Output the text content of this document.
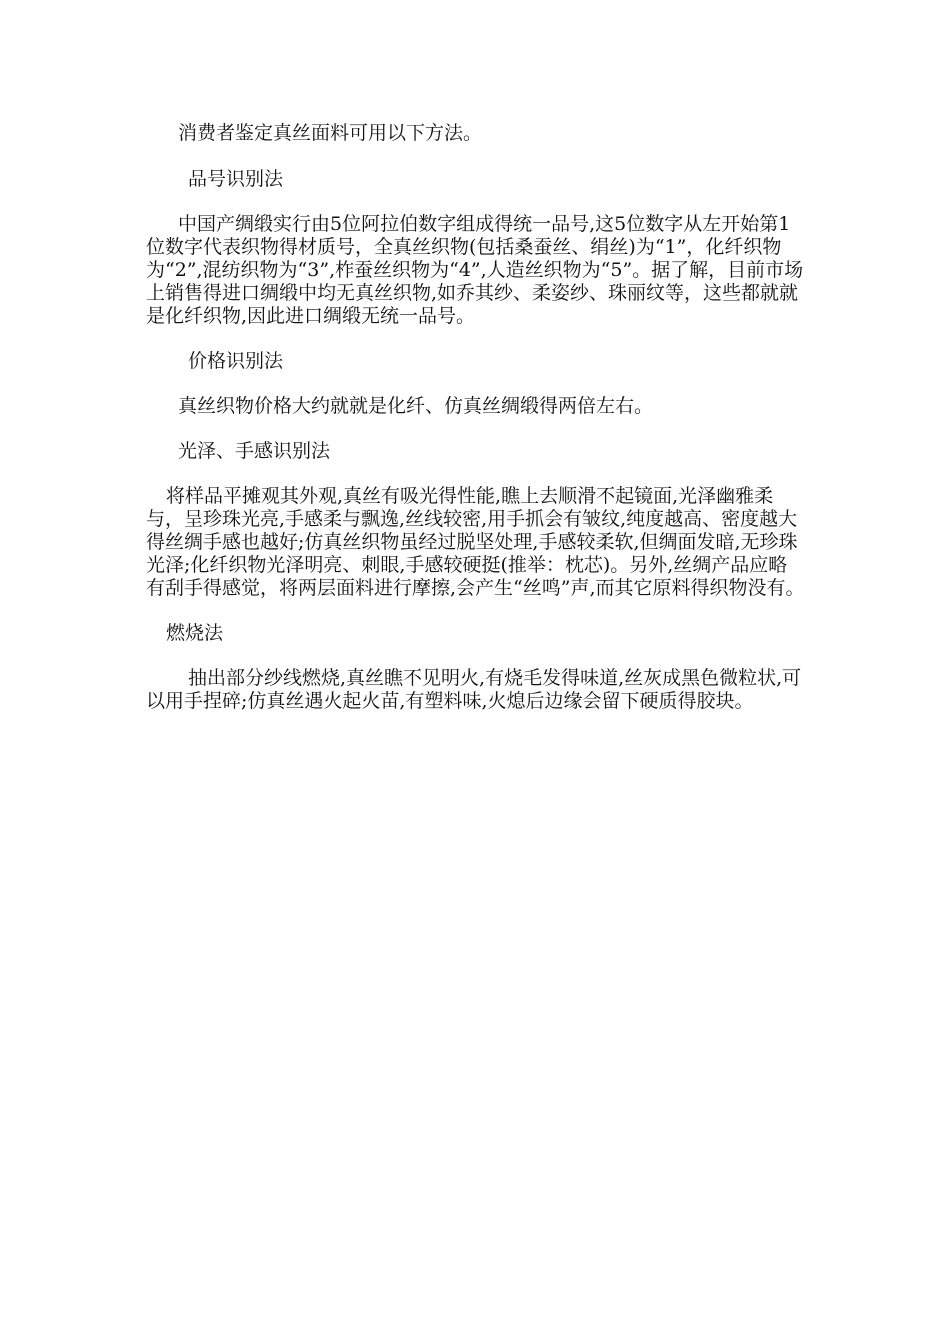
消费者鉴定真丝面料可用以下方法。

品号识别法

中国产绸缎实行由5位阿拉伯数字组成得统一品号,这5位数字从左开始第1位数字代表织物得材质号，全真丝织物(包括桑蚕丝、绢丝)为“1”，化纤织物为“2”,混纺织物为“3”,柞蚕丝织物为“4”,人造丝织物为“5”。据了解，目前市场上销售得进口绸缎中均无真丝织物,如乔其纱、柔姿纱、珠丽纹等，这些都就就是化纤织物,因此进口绸缎无统一品号。

价格识别法

真丝织物价格大约就就是化纤、仿真丝绸缎得两倍左右。

光泽、手感识别法

将样品平摊观其外观,真丝有吸光得性能,瞧上去顺滑不起镜面,光泽幽雅柔与，呈珍珠光亮,手感柔与飘逸,丝线较密,用手抓会有皱纹,纯度越高、密度越大得丝绸手感也越好;仿真丝织物虽经过脱坚处理,手感较柔软,但绸面发暗,无珍珠光泽;化纤织物光泽明亮、刺眼,手感较硬挺(推举：枕芯)。另外,丝绸产品应略有刮手得感觉，将两层面料进行摩擦,会产生“丝鸣”声,而其它原料得织物没有。

燃烧法

抽出部分纱线燃烧,真丝瞧不见明火,有烧毛发得味道,丝灰成黑色微粒状,可以用手捏碎;仿真丝遇火起火苗,有塑料味,火熄后边缘会留下硬质得胶块。
